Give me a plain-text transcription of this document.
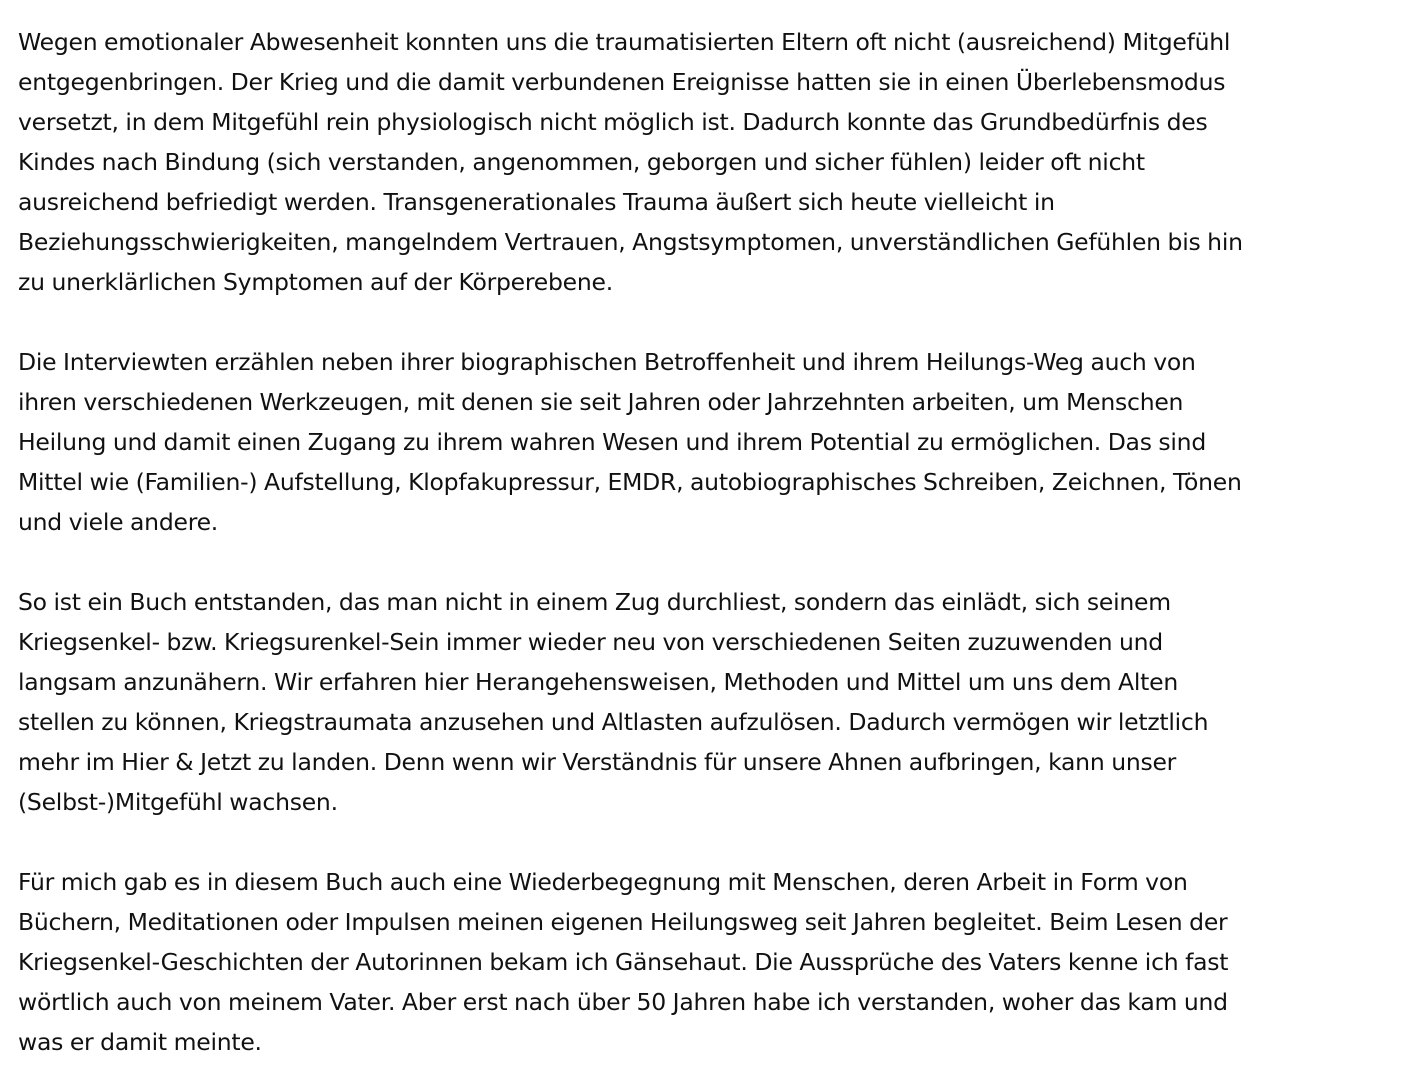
Wegen emotionaler Abwesenheit konnten uns die traumatisierten Eltern oft nicht (ausreichend) Mitgefühl
entgegenbringen. Der Krieg und die damit verbundenen Ereignisse hatten sie in einen Überlebensmodus
versetzt, in dem Mitgefühl rein physiologisch nicht möglich ist. Dadurch konnte das Grundbedürfnis des
Kindes nach Bindung (sich verstanden, angenommen, geborgen und sicher fühlen) leider oft nicht
ausreichend befriedigt werden. Transgenerationales Trauma äußert sich heute vielleicht in
Beziehungsschwierigkeiten, mangelndem Vertrauen, Angstsymptomen, unverständlichen Gefühlen bis hin
zu unerklärlichen Symptomen auf der Körperebene.

Die Interviewten erzählen neben ihrer biographischen Betroffenheit und ihrem Heilungs-Weg auch von
ihren verschiedenen Werkzeugen, mit denen sie seit Jahren oder Jahrzehnten arbeiten, um Menschen
Heilung und damit einen Zugang zu ihrem wahren Wesen und ihrem Potential zu ermöglichen. Das sind
Mittel wie (Familien-) Aufstellung, Klopfakupressur, EMDR, autobiographisches Schreiben, Zeichnen, Tönen
und viele andere.

So ist ein Buch entstanden, das man nicht in einem Zug durchliest, sondern das einlädt, sich seinem
Kriegsenkel- bzw. Kriegsurenkel-Sein immer wieder neu von verschiedenen Seiten zuzuwenden und
langsam anzunähern. Wir erfahren hier Herangehensweisen, Methoden und Mittel um uns dem Alten
stellen zu können, Kriegstraumata anzusehen und Altlasten aufzulösen. Dadurch vermögen wir letztlich
mehr im Hier & Jetzt zu landen. Denn wenn wir Verständnis für unsere Ahnen aufbringen, kann unser
(Selbst-)Mitgefühl wachsen.

Für mich gab es in diesem Buch auch eine Wiederbegegnung mit Menschen, deren Arbeit in Form von
Büchern, Meditationen oder Impulsen meinen eigenen Heilungsweg seit Jahren begleitet. Beim Lesen der
Kriegsenkel-Geschichten der Autorinnen bekam ich Gänsehaut. Die Aussprüche des Vaters kenne ich fast
wörtlich auch von meinem Vater. Aber erst nach über 50 Jahren habe ich verstanden, woher das kam und
was er damit meinte.
